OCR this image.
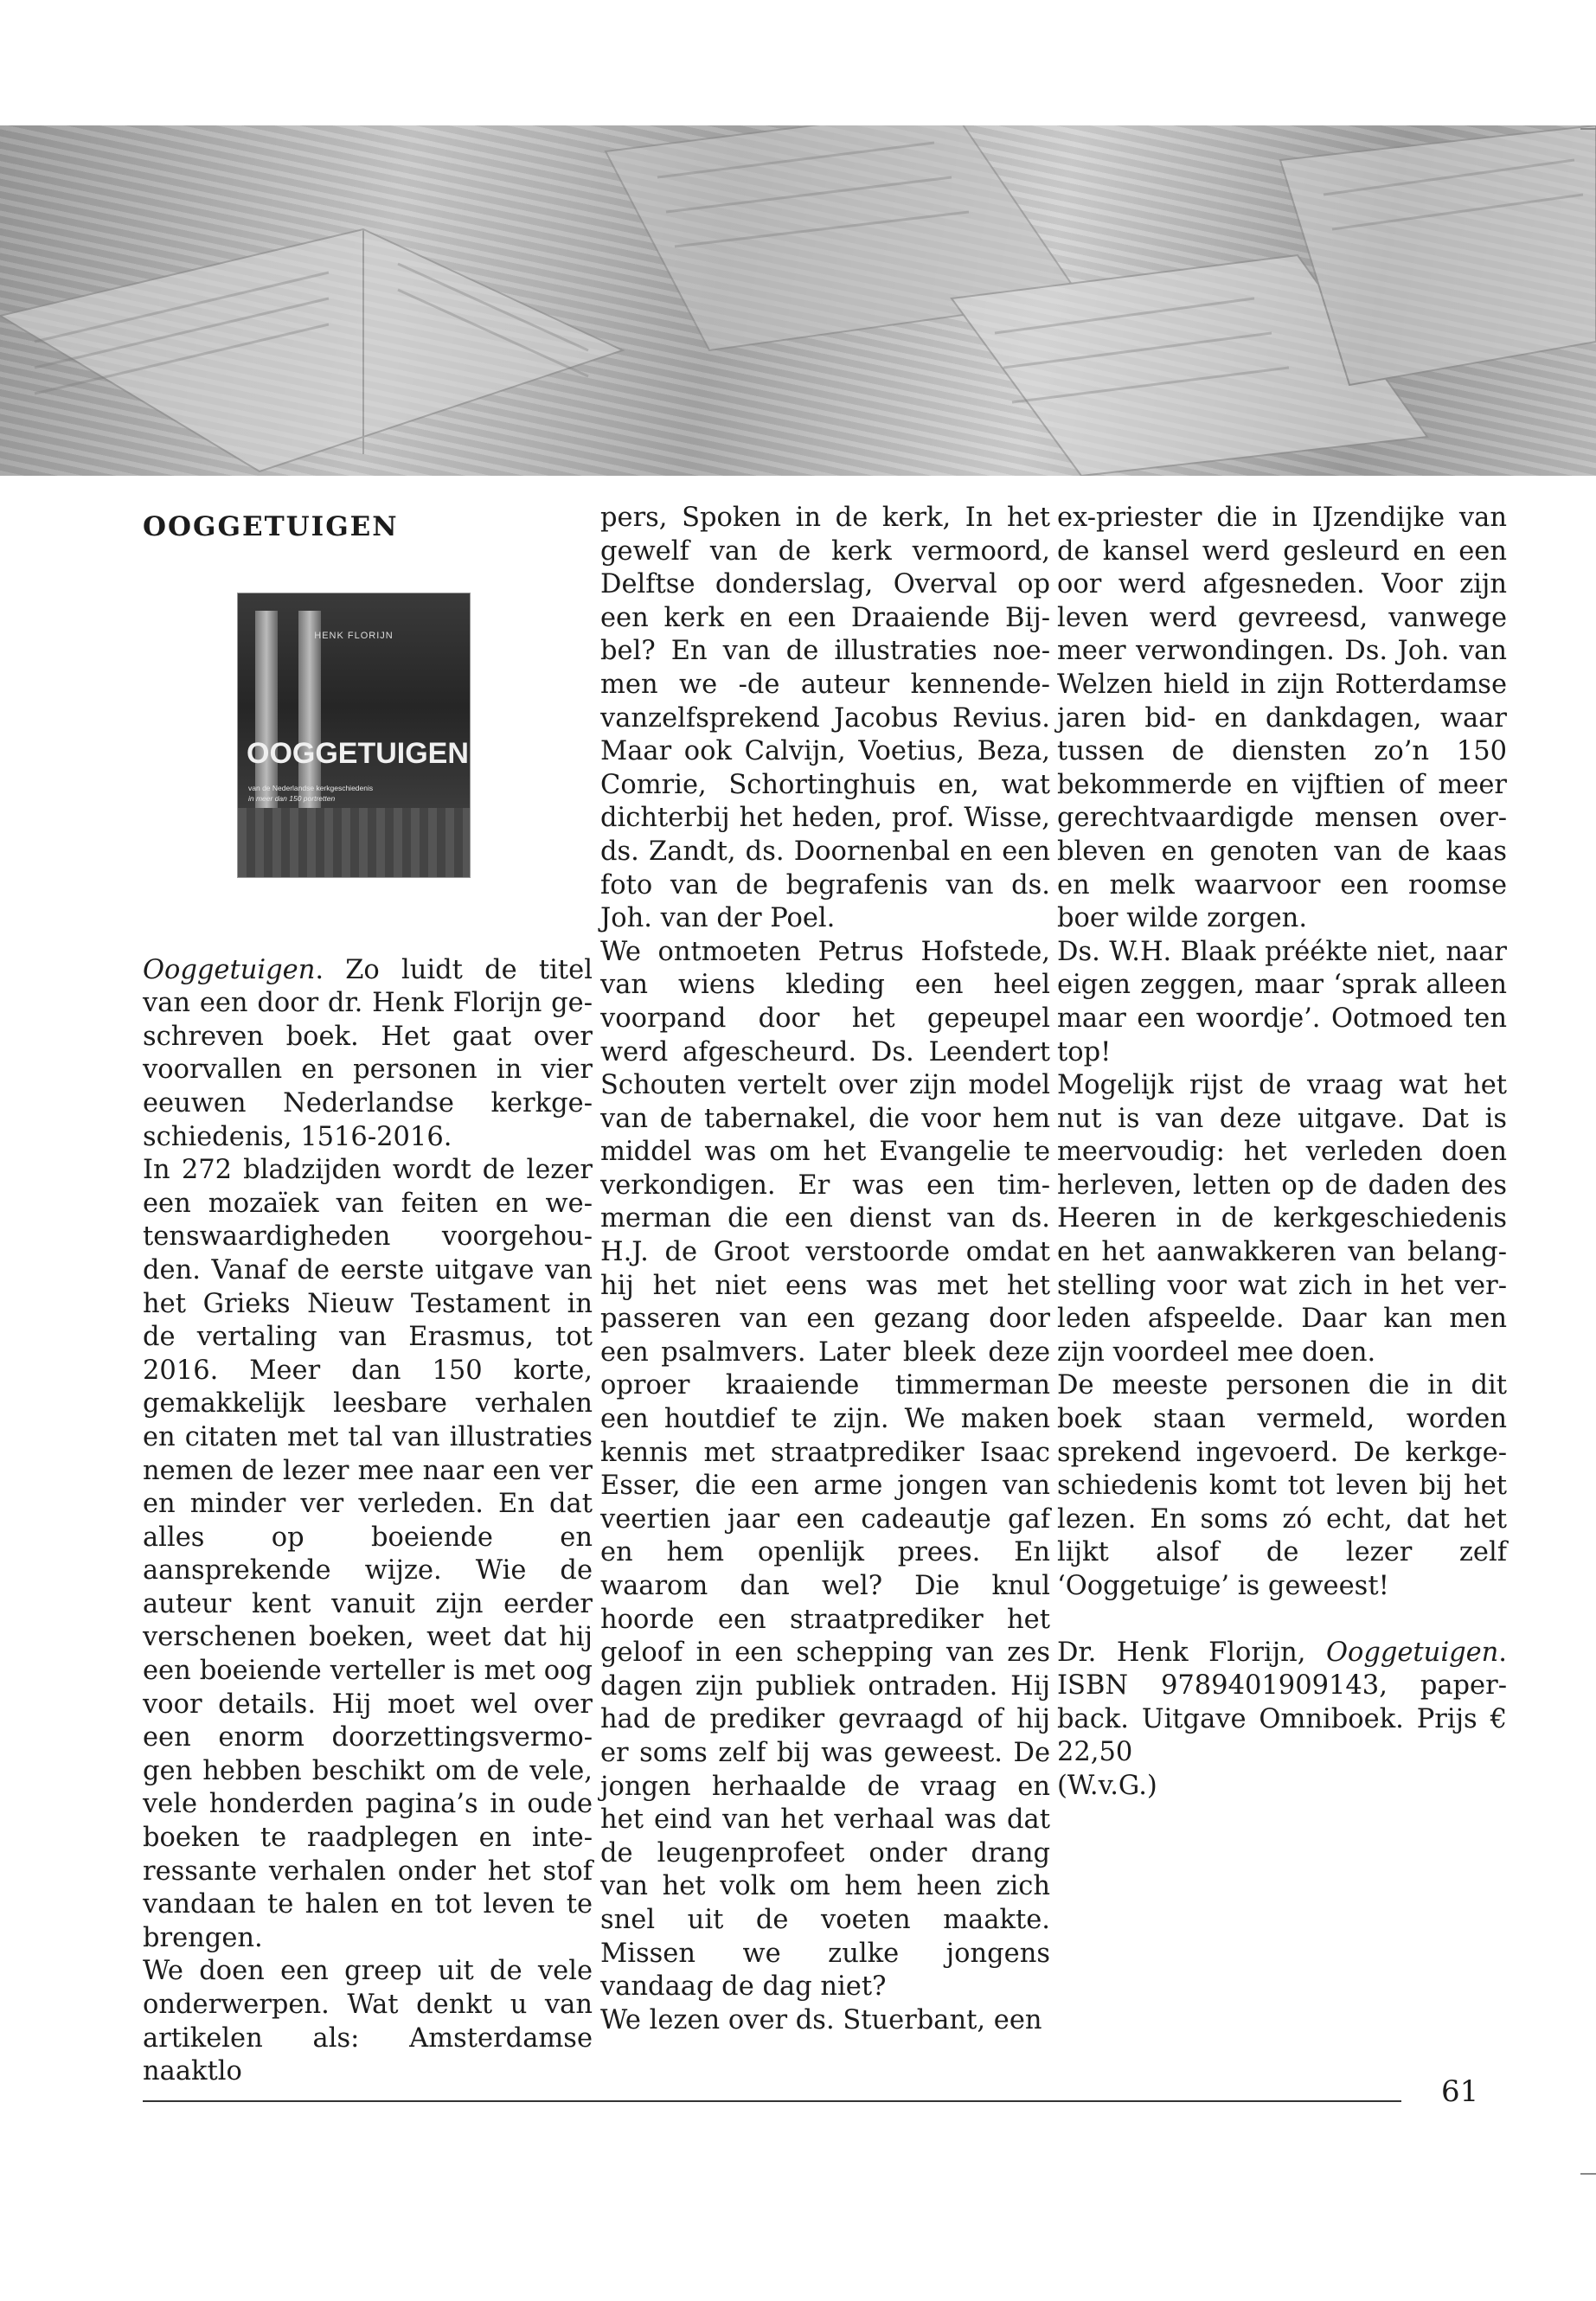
OOGGETUIGEN
HENK FLORIJN
OOGGETUIGEN
van de Nederlandse kerkgeschiedenis
in meer dan 150 portretten

Ooggetuigen. Zo luidt de titel van een door dr. Henk Florijn geschreven boek. Het gaat over voorvallen en personen in vier eeuwen Nederlandse kerkgeschiedenis, 1516-2016.

In 272 bladzijden wordt de lezer een mozaïek van feiten en wetenswaardigheden voorgehouden. Vanaf de eerste uitgave van het Grieks Nieuw Testament in de vertaling van Erasmus, tot 2016. Meer dan 150 korte, gemakkelijk leesbare verhalen en citaten met tal van illustraties nemen de lezer mee naar een ver en minder ver verleden. En dat alles op boeiende en aansprekende wijze. Wie de auteur kent vanuit zijn eerder verschenen boeken, weet dat hij een boeiende verteller is met oog voor details. Hij moet wel over een enorm doorzettingsvermogen hebben beschikt om de vele, vele honderden pagina’s in oude boeken te raadplegen en interessante verhalen onder het stof vandaan te halen en tot leven te brengen.

We doen een greep uit de vele onderwerpen. Wat denkt u van artikelen als: Amsterdamse naaktlo

pers, Spoken in de kerk, In het gewelf van de kerk vermoord, Delftse donderslag, Overval op een kerk en een Draaiende Bijbel? En van de illustraties noemen we -de auteur kennende-vanzelfsprekend Jacobus Revius. Maar ook Calvijn, Voetius, Beza, Comrie, Schortinghuis en, wat dichterbij het heden, prof. Wisse, ds. Zandt, ds. Doornenbal en een foto van de begrafenis van ds. Joh. van der Poel.

We ontmoeten Petrus Hofstede, van wiens kleding een heel voorpand door het gepeupel werd afgescheurd. Ds. Leendert Schouten vertelt over zijn model van de tabernakel, die voor hem middel was om het Evangelie te verkondigen. Er was een timmerman die een dienst van ds. H.J. de Groot verstoorde omdat hij het niet eens was met het passeren van een gezang door een psalmvers. Later bleek deze oproer kraaiende timmerman een houtdief te zijn. We maken kennis met straatprediker Isaac Esser, die een arme jongen van veertien jaar een cadeautje gaf en hem openlijk prees. En waarom dan wel? Die knul hoorde een straatprediker het geloof in een schepping van zes dagen zijn publiek ontraden. Hij had de prediker gevraagd of hij er soms zelf bij was geweest. De jongen herhaalde de vraag en het eind van het verhaal was dat de leugenprofeet onder drang van het volk om hem heen zich snel uit de voeten maakte. Missen we zulke jongens vandaag de dag niet?

We lezen over ds. Stuerbant, een

ex-priester die in IJzendijke van de kansel werd gesleurd en een oor werd afgesneden. Voor zijn leven werd gevreesd, vanwege meer verwondingen. Ds. Joh. van Welzen hield in zijn Rotterdamse jaren bid- en dankdagen, waar tussen de diensten zo’n 150 bekommerde en vijftien of meer gerechtvaardigde mensen overbleven en genoten van de kaas en melk waarvoor een roomse boer wilde zorgen.

Ds. W.H. Blaak préékte niet, naar eigen zeggen, maar ‘sprak alleen maar een woordje’. Ootmoed ten top!

Mogelijk rijst de vraag wat het nut is van deze uitgave. Dat is meervoudig: het verleden doen herleven, letten op de daden des Heeren in de kerkgeschiedenis en het aanwakkeren van belangstelling voor wat zich in het verleden afspeelde. Daar kan men zijn voordeel mee doen.

De meeste personen die in dit boek staan vermeld, worden sprekend ingevoerd. De kerkgeschiedenis komt tot leven bij het lezen. En soms zó echt, dat het lijkt alsof de lezer zelf ‘Ooggetuige’ is geweest!

Dr. Henk Florijn, Ooggetuigen. ISBN 9789401909143, paperback. Uitgave Omniboek. Prijs € 22,50

(W.v.G.)

61
